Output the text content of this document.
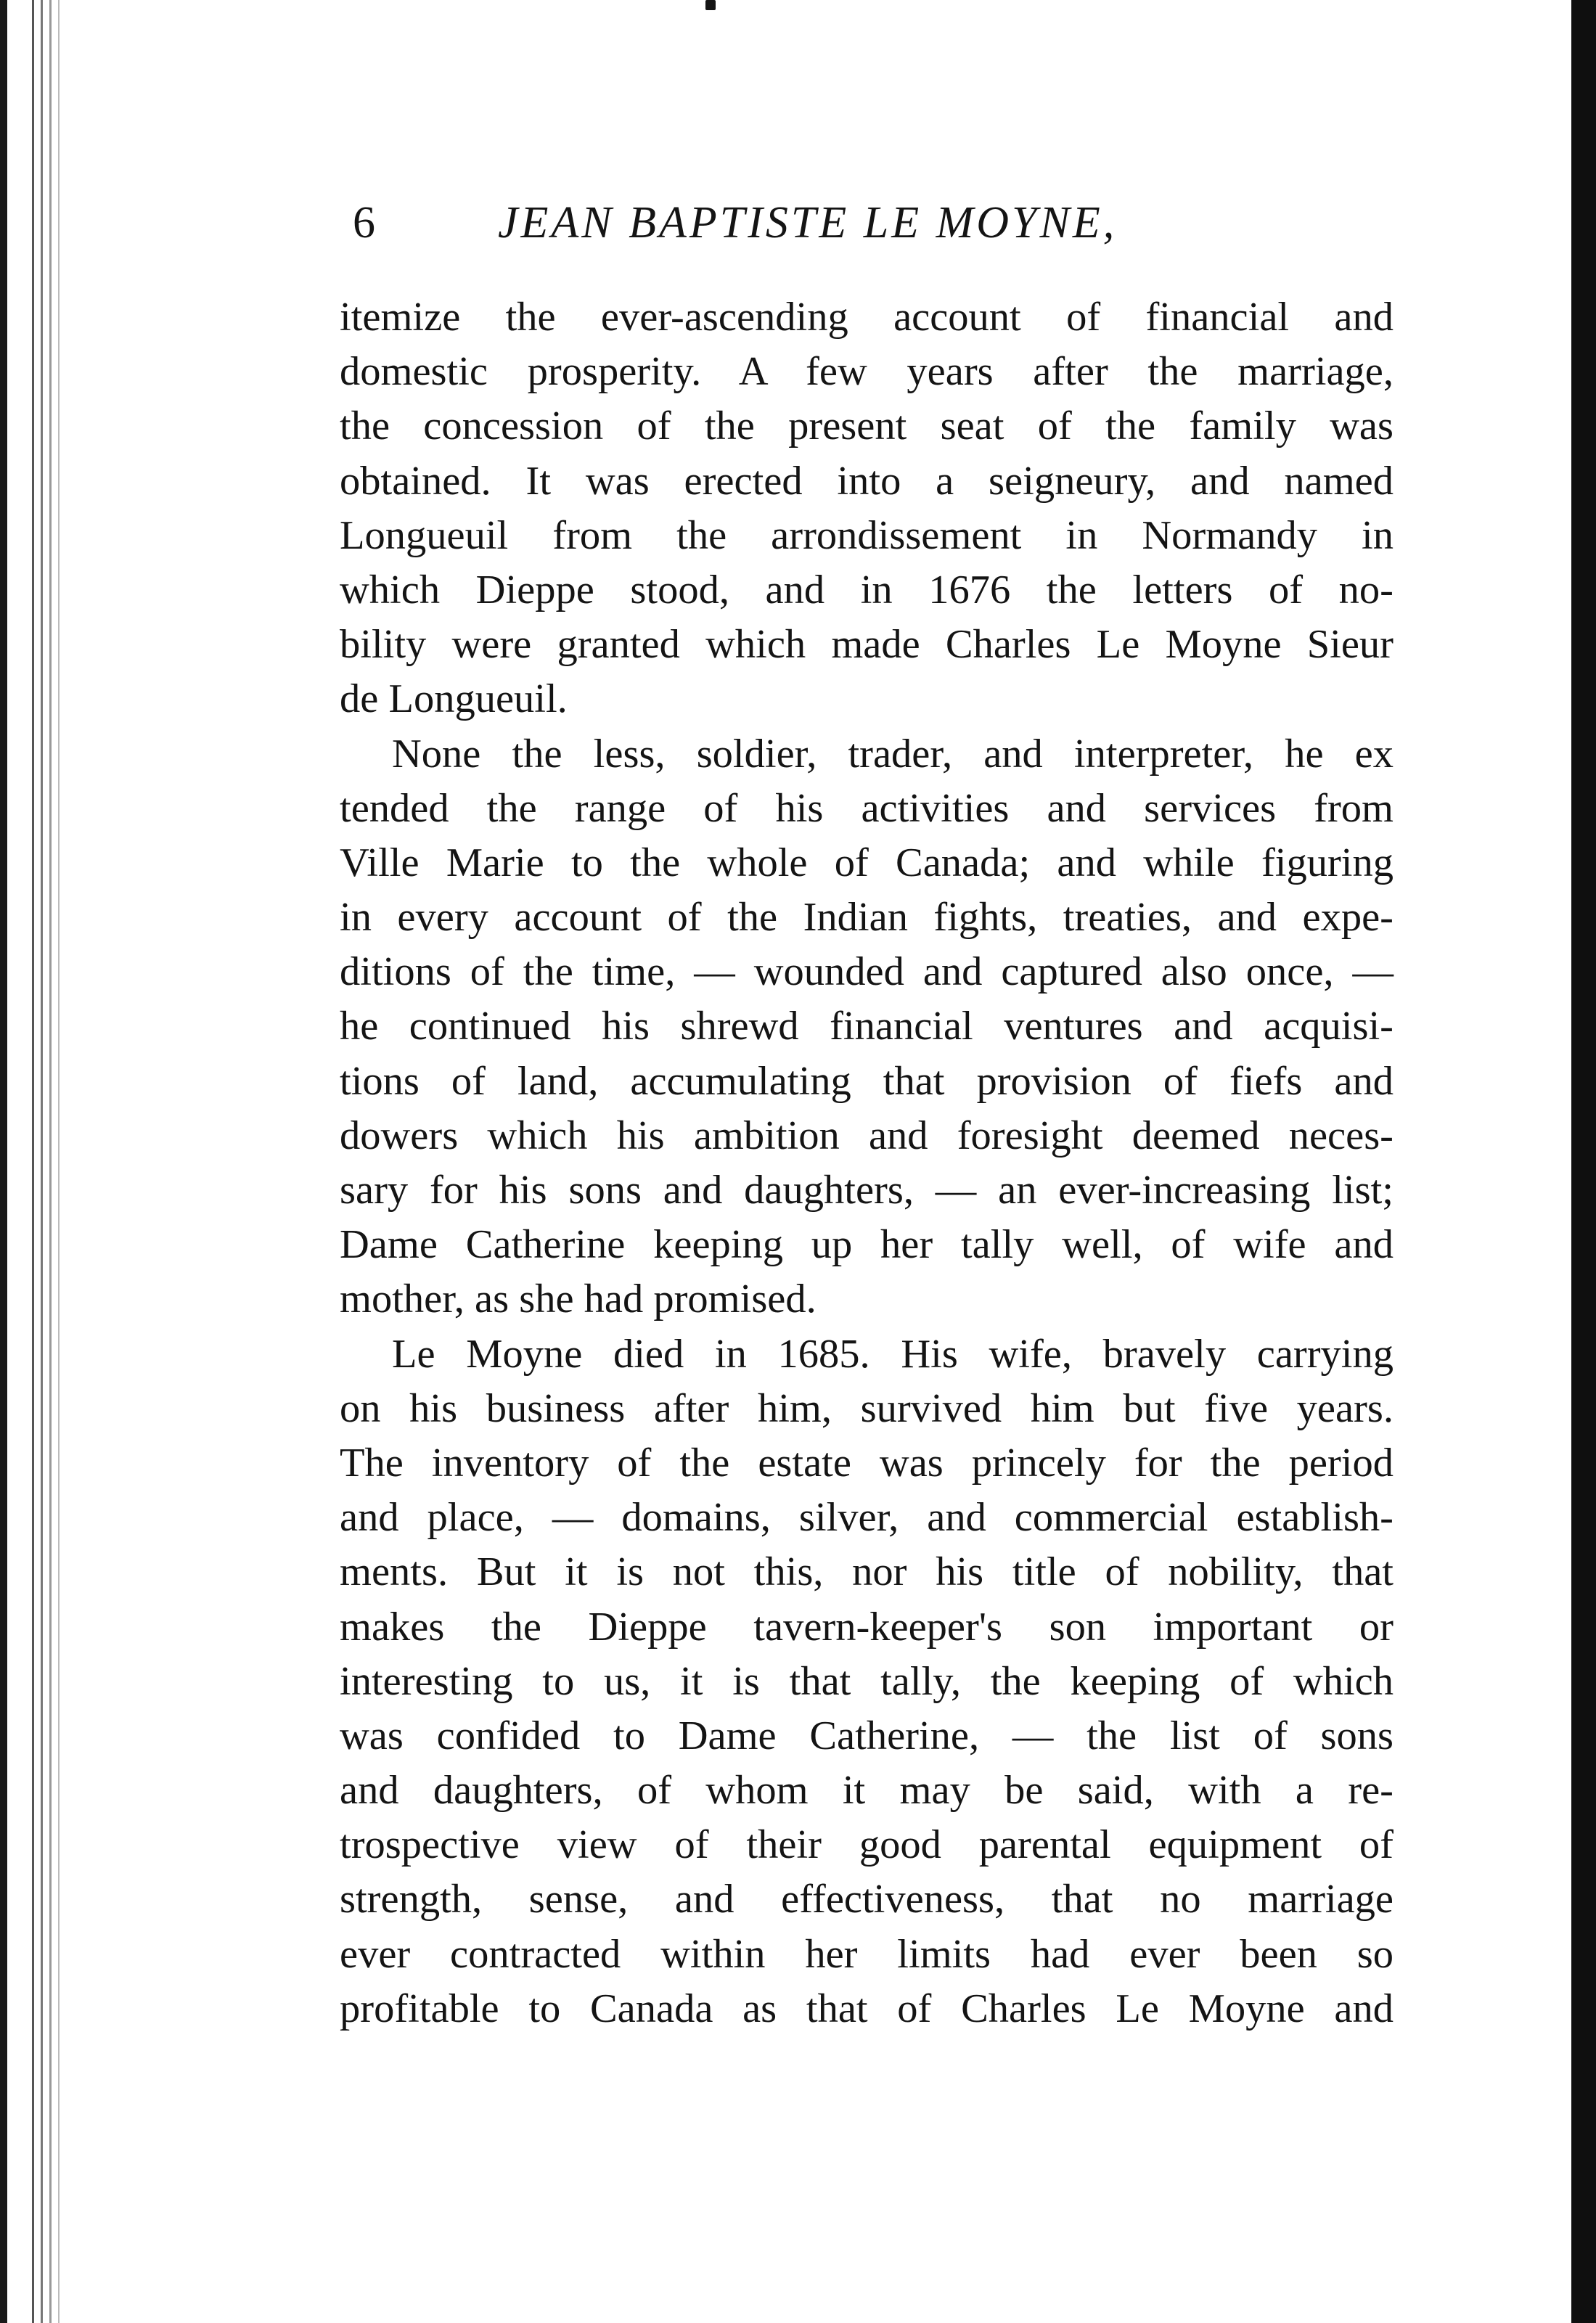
6	JEAN BAPTISTE LE MOYNE,
itemize the ever-ascending account of financial and
domestic prosperity. A few years after the marriage,
the concession of the present seat of the family was
obtained. It was erected into a seigneury, and named
Longueuil from the arrondissement in Normandy in
which Dieppe stood, and in 1676 the letters of no-
bility were granted which made Charles Le Moyne Sieur
de Longueuil.
None the less, soldier, trader, and interpreter, he ex
tended the range of his activities and services from
Ville Marie to the whole of Canada; and while figuring
in every account of the Indian fights, treaties, and expe-
ditions of the time, — wounded and captured also once, —
he continued his shrewd financial ventures and acquisi-
tions of land, accumulating that provision of fiefs and
dowers which his ambition and foresight deemed neces-
sary for his sons and daughters, — an ever-increasing list;
Dame Catherine keeping up her tally well, of wife and
mother, as she had promised.
Le Moyne died in 1685. His wife, bravely carrying
on his business after him, survived him but five years.
The inventory of the estate was princely for the period
and place, — domains, silver, and commercial establish-
ments. But it is not this, nor his title of nobility, that
makes the Dieppe tavern-keeper's son important or
interesting to us, it is that tally, the keeping of which
was confided to Dame Catherine, — the list of sons
and daughters, of whom it may be said, with a re-
trospective view of their good parental equipment of
strength, sense, and effectiveness, that no marriage
ever contracted within her limits had ever been so
profitable to Canada as that of Charles Le Moyne and
